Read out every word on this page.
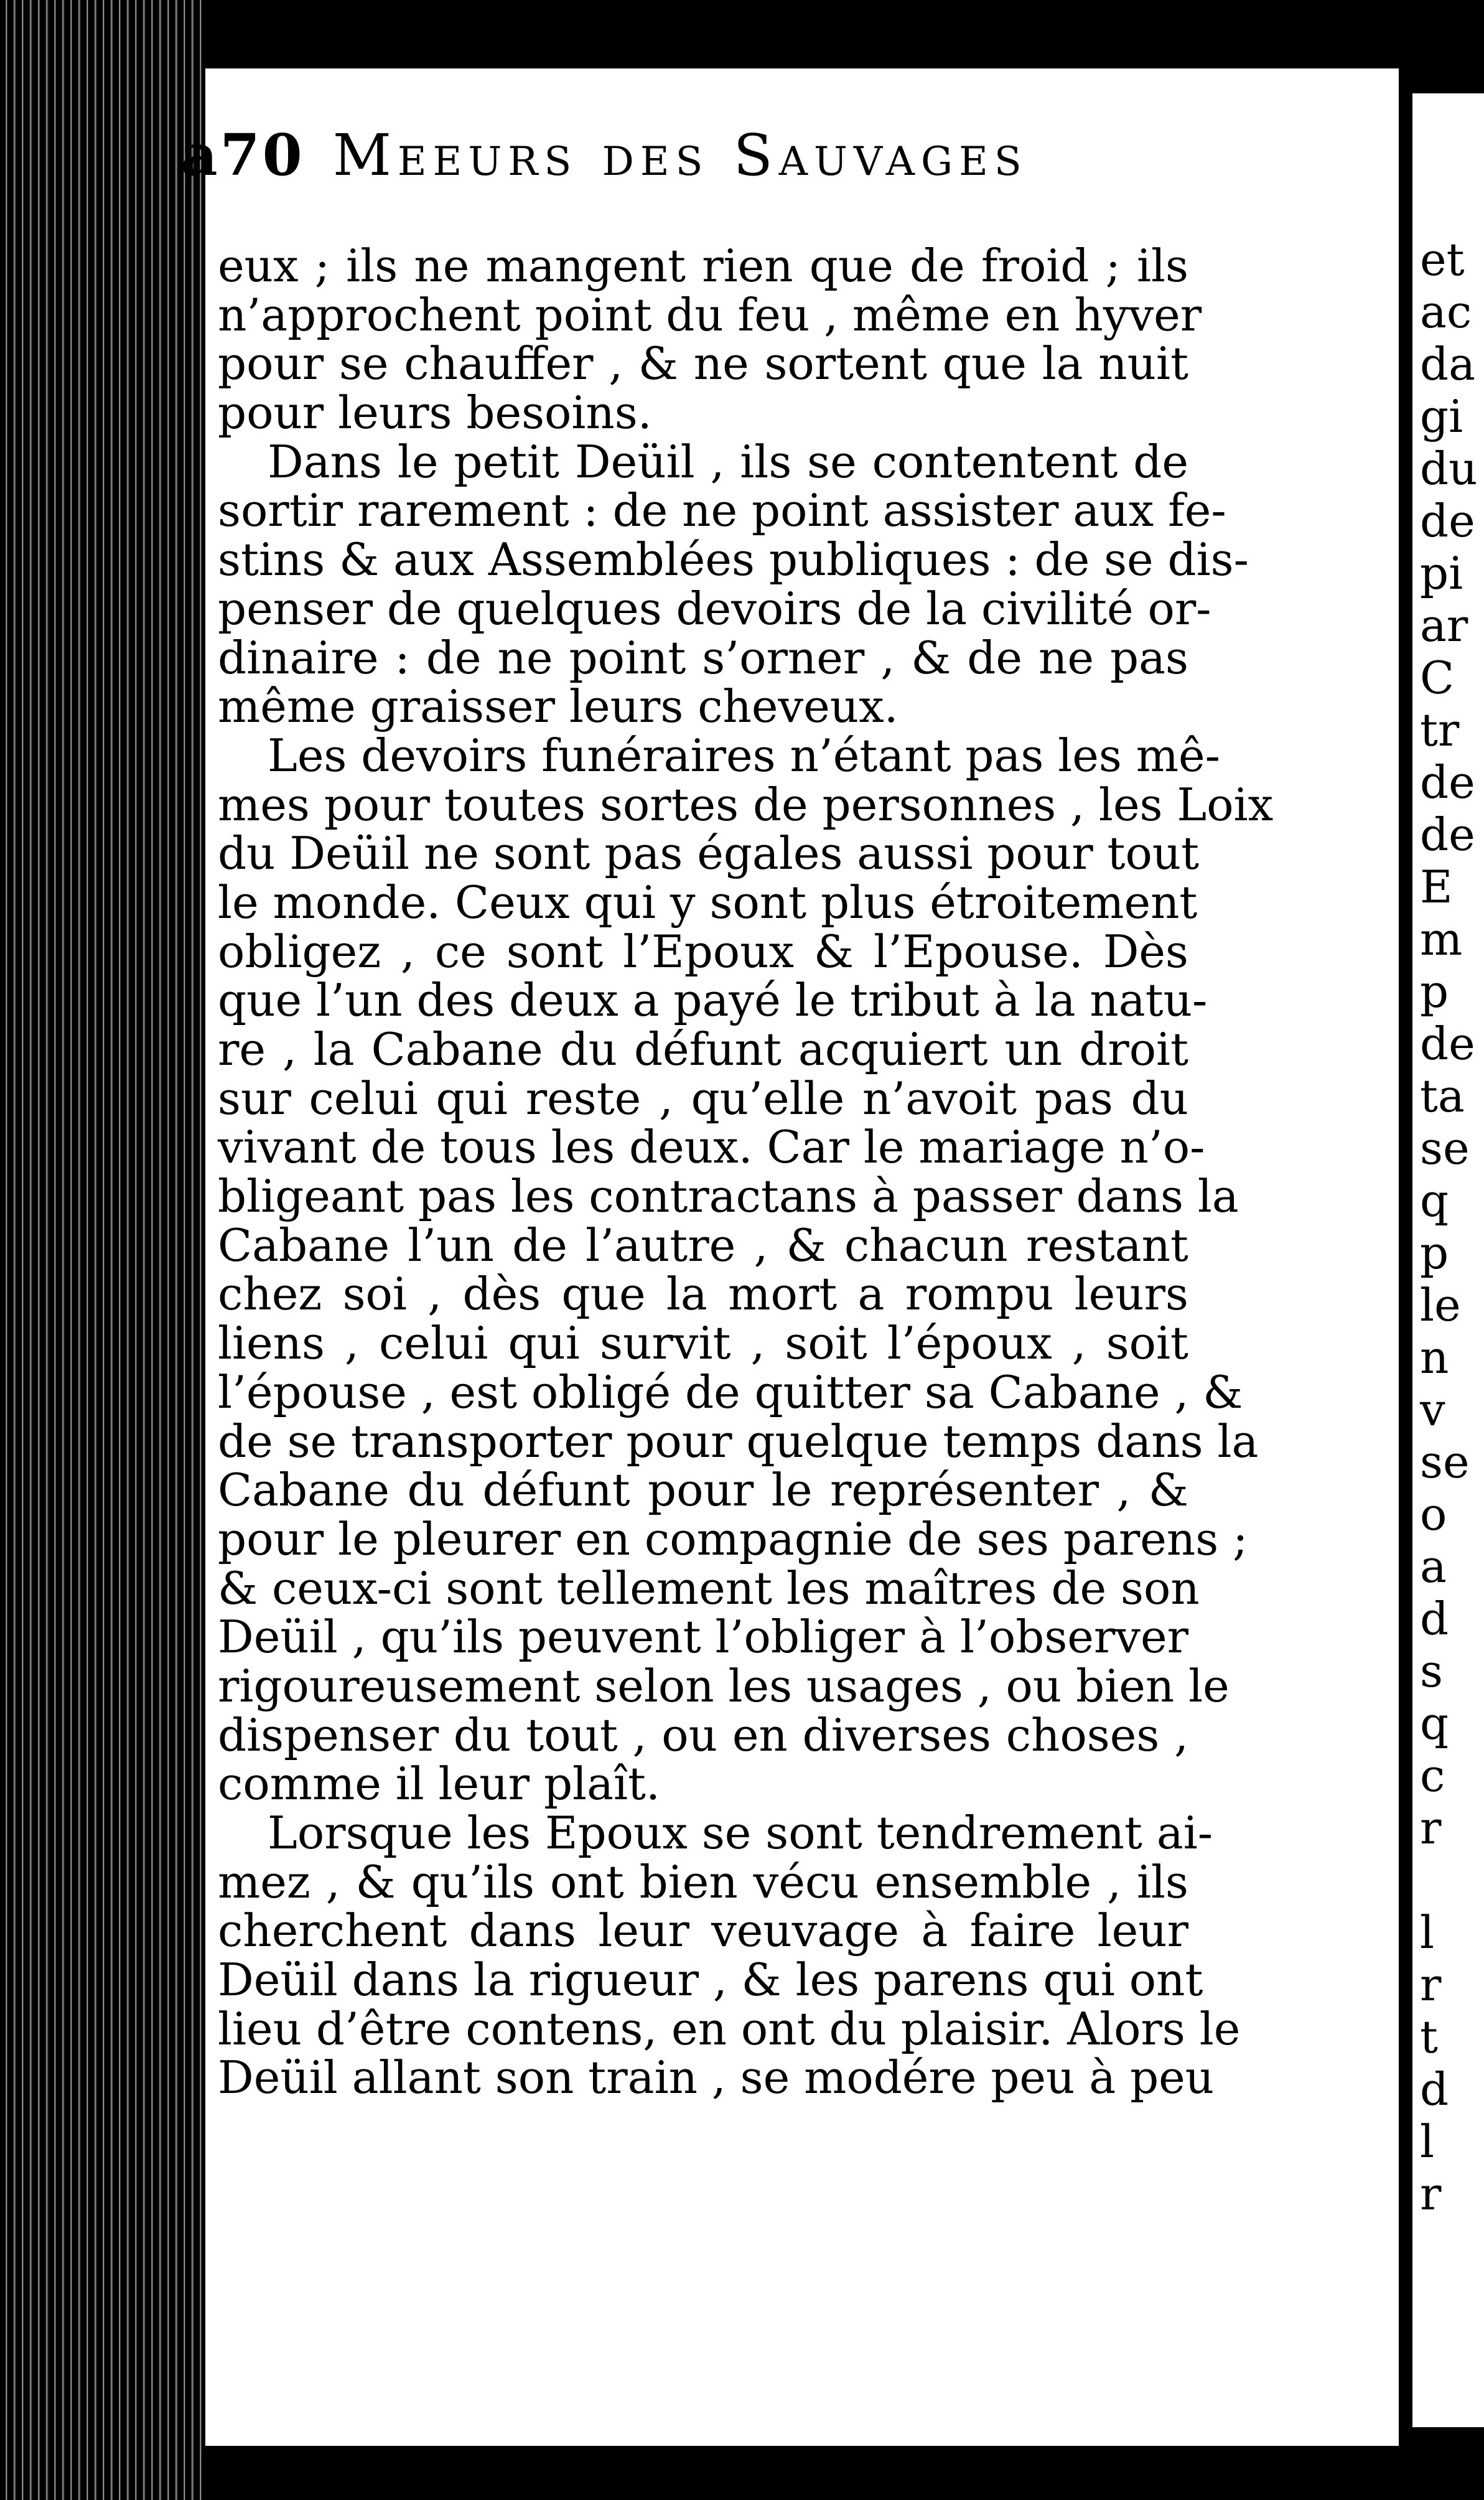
et
ac
da
gi
du
de
pi
ar
C
tr
de
de
E
m
p
de
ta
se
q
p
le
n
v
se
o
a
d
s
q
c
r
l
r
t
d
l
r
a70 Meeurs des Sauvages
eux ; ils ne mangent rien que de froid ; ils
n’approchent point du feu , même en hyver
pour se chauffer , & ne sortent que la nuit
pour leurs besoins.
Dans le petit Deüil , ils se contentent de
sortir rarement : de ne point assister aux fe-
stins & aux Assemblées publiques : de se dis-
penser de quelques devoirs de la civilité or-
dinaire : de ne point s’orner , & de ne pas
même graisser leurs cheveux.
Les devoirs funéraires n’étant pas les mê-
mes pour toutes sortes de personnes , les Loix
du Deüil ne sont pas égales aussi pour tout
le monde. Ceux qui y sont plus étroitement
obligez , ce sont l’Epoux & l’Epouse. Dès
que l’un des deux a payé le tribut à la natu-
re , la Cabane du défunt acquiert un droit
sur celui qui reste , qu’elle n’avoit pas du
vivant de tous les deux. Car le mariage n’o-
bligeant pas les contractans à passer dans la
Cabane l’un de l’autre , & chacun restant
chez soi , dès que la mort a rompu leurs
liens , celui qui survit , soit l’époux , soit
l’épouse , est obligé de quitter sa Cabane , &
de se transporter pour quelque temps dans la
Cabane du défunt pour le représenter , &
pour le pleurer en compagnie de ses parens ;
& ceux-ci sont tellement les maîtres de son
Deüil , qu’ils peuvent l’obliger à l’observer
rigoureusement selon les usages , ou bien le
dispenser du tout , ou en diverses choses ,
comme il leur plaît.
Lorsque les Epoux se sont tendrement ai-
mez , & qu’ils ont bien vécu ensemble , ils
cherchent dans leur veuvage à faire leur
Deüil dans la rigueur , & les parens qui ont
lieu d’être contens, en ont du plaisir. Alors le
Deüil allant son train , se modére peu à peu
